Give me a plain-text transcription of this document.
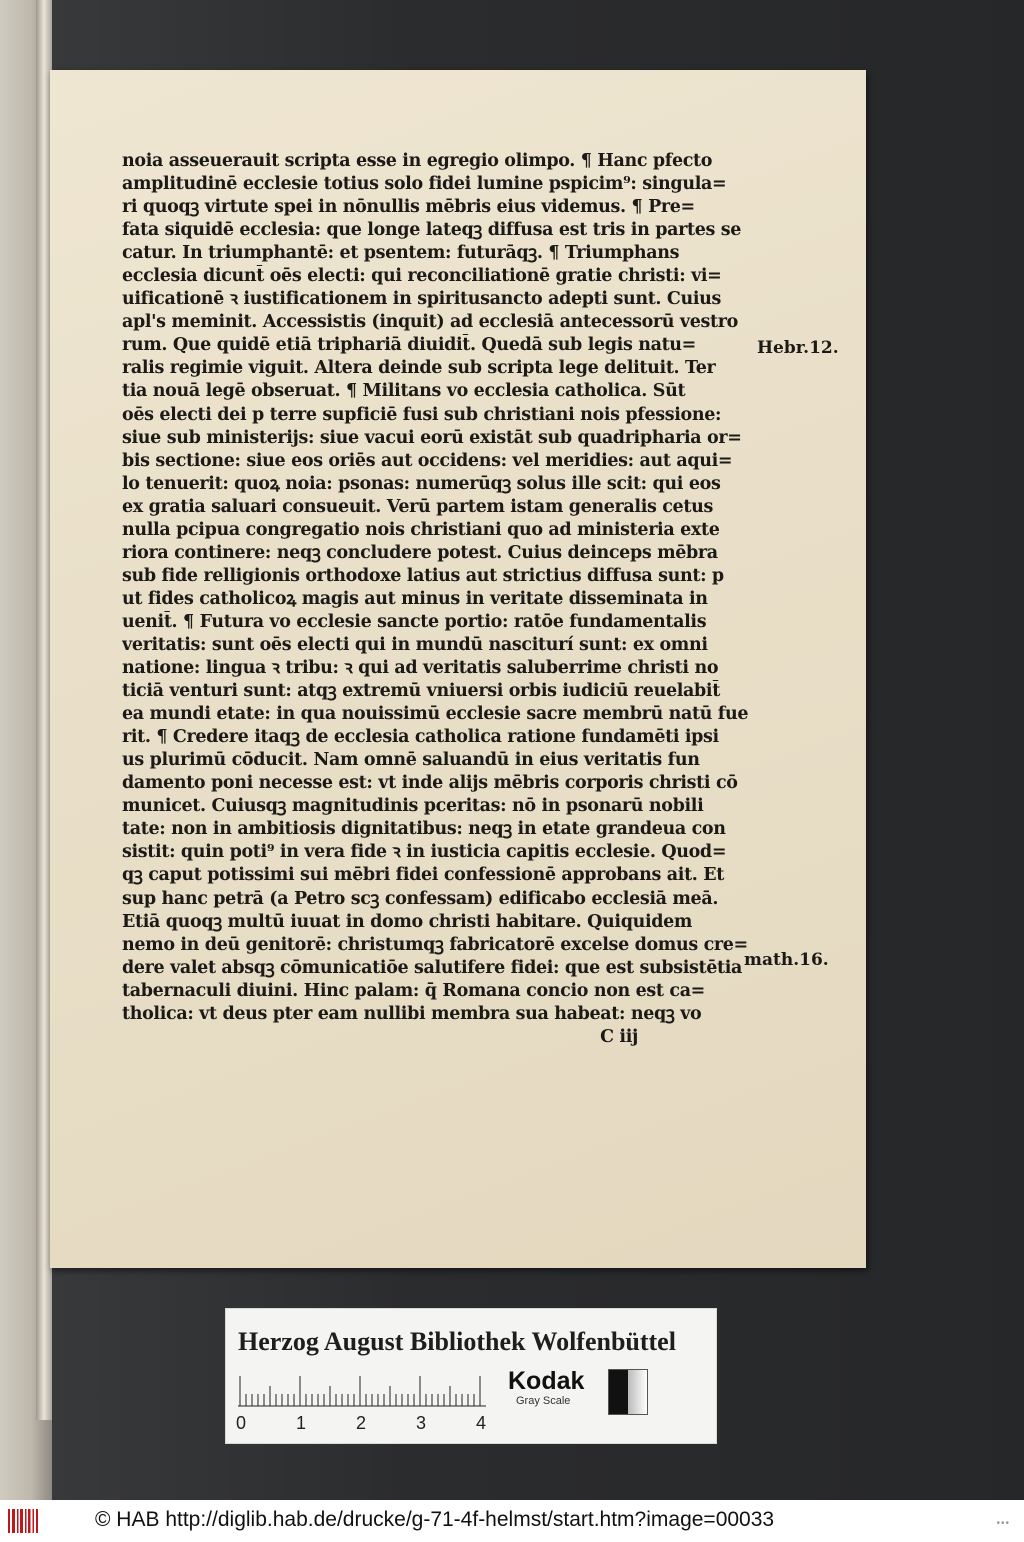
noia asseuerauit scripta esse in egregio olimpo. ¶ Hanc pfecto
amplitudinē ecclesie totius solo fidei lumine pspicim⁹: singula=
ri quoqꝫ virtute spei in nōnullis mēbris eius videmus. ¶ Pre=
fata siquidē ecclesia: que longe lateqꝫ diffusa est tris in partes se
catur. In triumphantē: et psentem: futurāqꝫ. ¶ Triumphans
ecclesia dicunt̄ oēs electi: qui reconciliationē gratie christi: vi=
uificationē ꝛ iustificationem in spiritusancto adepti sunt. Cuius
apl's meminit. Accessistis (inquit) ad ecclesiā antecessorū vestro
rum. Que quidē etiā triphariā diuidit̄. Quedā sub legis natu=
ralis regimie viguit. Altera deinde sub scripta lege delituit. Ter
tia nouā legē obseruat. ¶ Militans vo ecclesia catholica. Sūt
oēs electi dei p terre supficiē fusi sub christiani nois pfessione:
siue sub ministerijs: siue vacui eorū existāt sub quadripharia or=
bis sectione: siue eos oriēs aut occidens: vel meridies: aut aqui=
lo tenuerit: quoꝝ noia: psonas: numerūqꝫ solus ille scit: qui eos
ex gratia saluari consueuit. Verū partem istam generalis cetus
nulla pcipua congregatio nois christiani quo ad ministeria exte
riora continere: neqꝫ concludere potest. Cuius deinceps mēbra
sub fide relligionis orthodoxe latius aut strictius diffusa sunt: p
ut fides catholicoꝝ magis aut minus in veritate disseminata in
uenit̄. ¶ Futura vo ecclesie sancte portio: ratōe fundamentalis
veritatis: sunt oēs electi qui in mundū nasciturí sunt: ex omni
natione: lingua ꝛ tribu: ꝛ qui ad veritatis saluberrime christi no
ticiā venturi sunt: atqꝫ extremū vniuersi orbis iudiciū reuelabit̄
ea mundi etate: in qua nouissimū ecclesie sacre membrū natū fue
rit. ¶ Credere itaqꝫ de ecclesia catholica ratione fundamēti ipsi
us plurimū cōducit. Nam omnē saluandū in eius veritatis fun
damento poni necesse est: vt inde alijs mēbris corporis christi cō
municet. Cuiusqꝫ magnitudinis pceritas: nō in psonarū nobili
tate: non in ambitiosis dignitatibus: neqꝫ in etate grandeua con
sistit: quin poti⁹ in vera fide ꝛ in iusticia capitis ecclesie. Quod=
qꝫ caput potissimi sui mēbri fidei confessionē approbans ait. Et
sup hanc petrā (a Petro scꝫ confessam) edificabo ecclesiā meā.
Etiā quoqꝫ multū iuuat in domo christi habitare. Quiquidem
nemo in deū genitorē: christumqꝫ fabricatorē excelse domus cre=
dere valet absqꝫ cōmunicatiōe salutifere fidei: que est subsistētia
tabernaculi diuini. Hinc palam: q̄ Romana concio non est ca=
tholica: vt deus pter eam nullibi membra sua habeat: neqꝫ vo
C iij
Hebr.12.
math.16.
Herzog August Bibliothek Wolfenbüttel
0	1	2	3	4
Kodak
Gray Scale
© HAB http://diglib.hab.de/drucke/g-71-4f-helmst/start.htm?image=00033	•••
